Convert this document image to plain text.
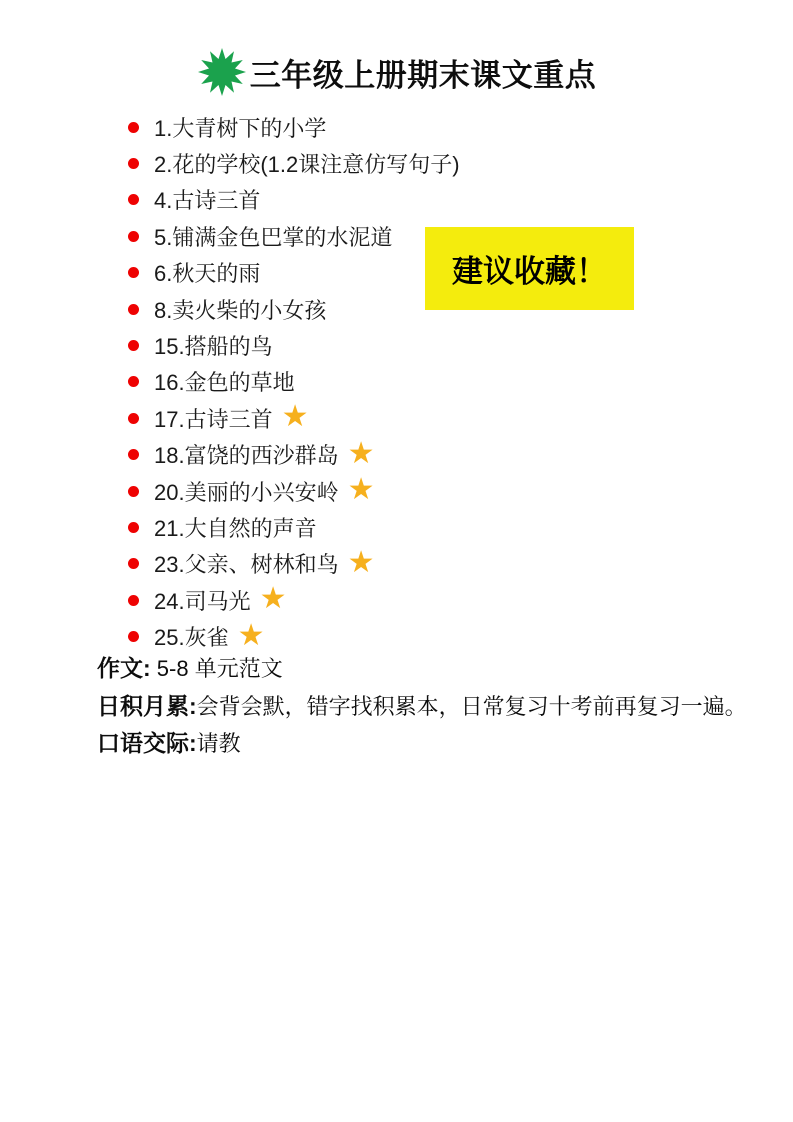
三年级上册期末课文重点
1.大青树下的小学
2.花的学校(1.2课注意仿写句子)
4.古诗三首
5.铺满金色巴掌的水泥道
6.秋天的雨
8.卖火柴的小女孩
15.搭船的鸟
16.金色的草地
17.古诗三首 ★
18.富饶的西沙群岛 ★
20.美丽的小兴安岭 ★
21.大自然的声音
23.父亲、树林和鸟 ★
24.司马光 ★
25.灰雀 ★
建议收藏！

作文: 5-8 单元范文

日积月累:会背会默，错字找积累本，日常复习十考前再复习一遍。

口语交际:请教
